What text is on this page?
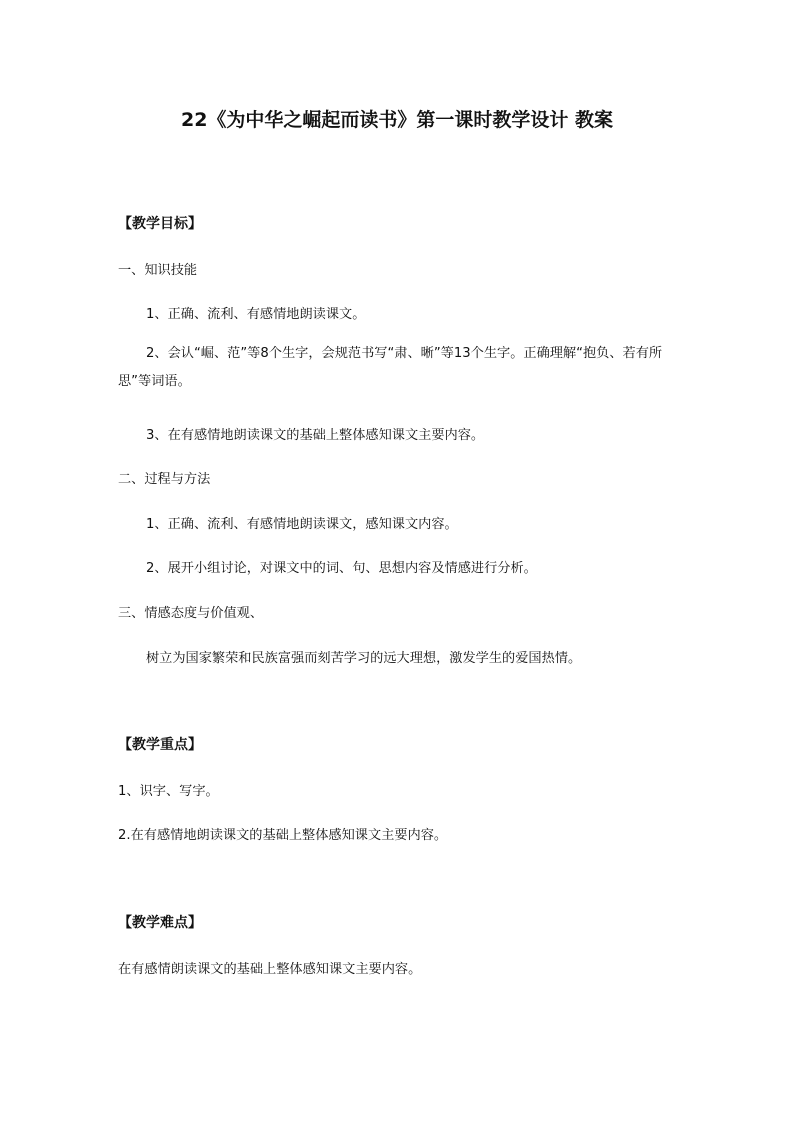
22《为中华之崛起而读书》第一课时教学设计 教案
【教学目标】
一、知识技能
1、正确、流利、有感情地朗读课文。
2、会认“崛、范”等8个生字，会规范书写“肃、晰”等13个生字。正确理解“抱负、若有所思”等词语。
3、在有感情地朗读课文的基础上整体感知课文主要内容。
二、过程与方法
1、正确、流利、有感情地朗读课文，感知课文内容。
2、展开小组讨论，对课文中的词、句、思想内容及情感进行分析。
三、情感态度与价值观、
树立为国家繁荣和民族富强而刻苦学习的远大理想，激发学生的爱国热情。
【教学重点】
1、识字、写字。
2.在有感情地朗读课文的基础上整体感知课文主要内容。
【教学难点】
在有感情朗读课文的基础上整体感知课文主要内容。
